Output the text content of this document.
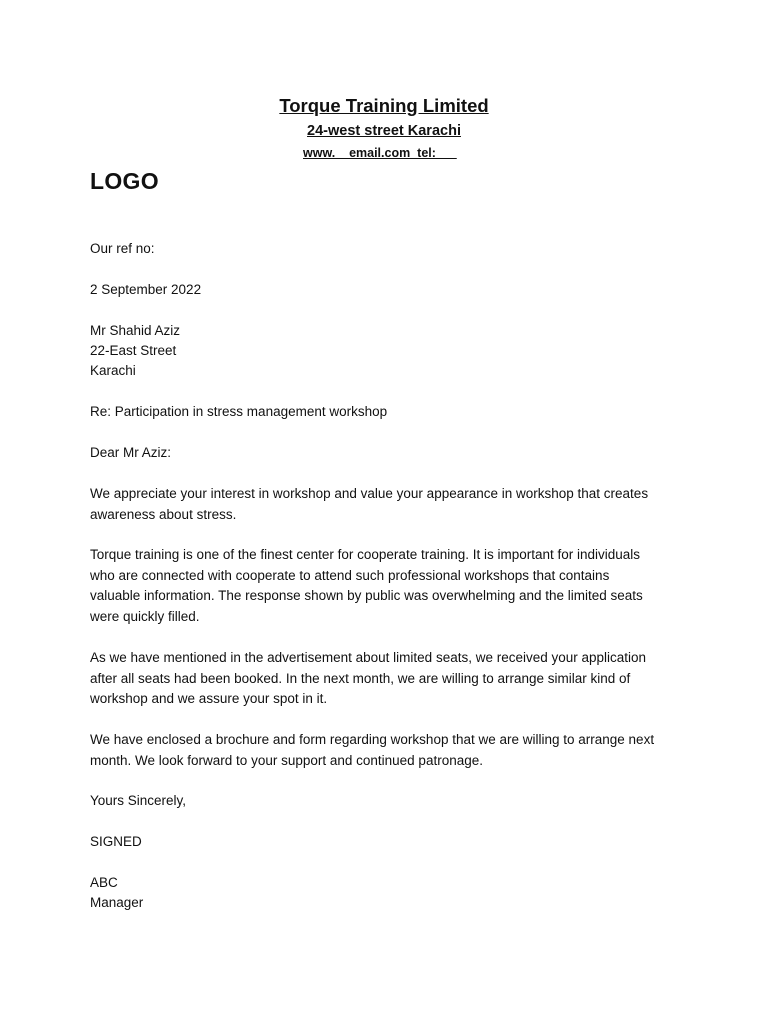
Torque Training Limited
24-west street Karachi
www.    email.com  tel:
LOGO
Our ref no:
2 September 2022
Mr Shahid Aziz
22-East Street
Karachi
Re: Participation in stress management workshop
Dear Mr Aziz:
We appreciate your interest in workshop and value your appearance in workshop that creates
awareness about stress.
Torque training is one of the finest center for cooperate training. It is important for individuals
who are connected with cooperate to attend such professional workshops that contains
valuable information. The response shown by public was overwhelming and the limited seats
were quickly filled.
As we have mentioned in the advertisement about limited seats, we received your application
after all seats had been booked. In the next month, we are willing to arrange similar kind of
workshop and we assure your spot in it.
We have enclosed a brochure and form regarding workshop that we are willing to arrange next
month. We look forward to your support and continued patronage.
Yours Sincerely,
SIGNED
ABC
Manager
